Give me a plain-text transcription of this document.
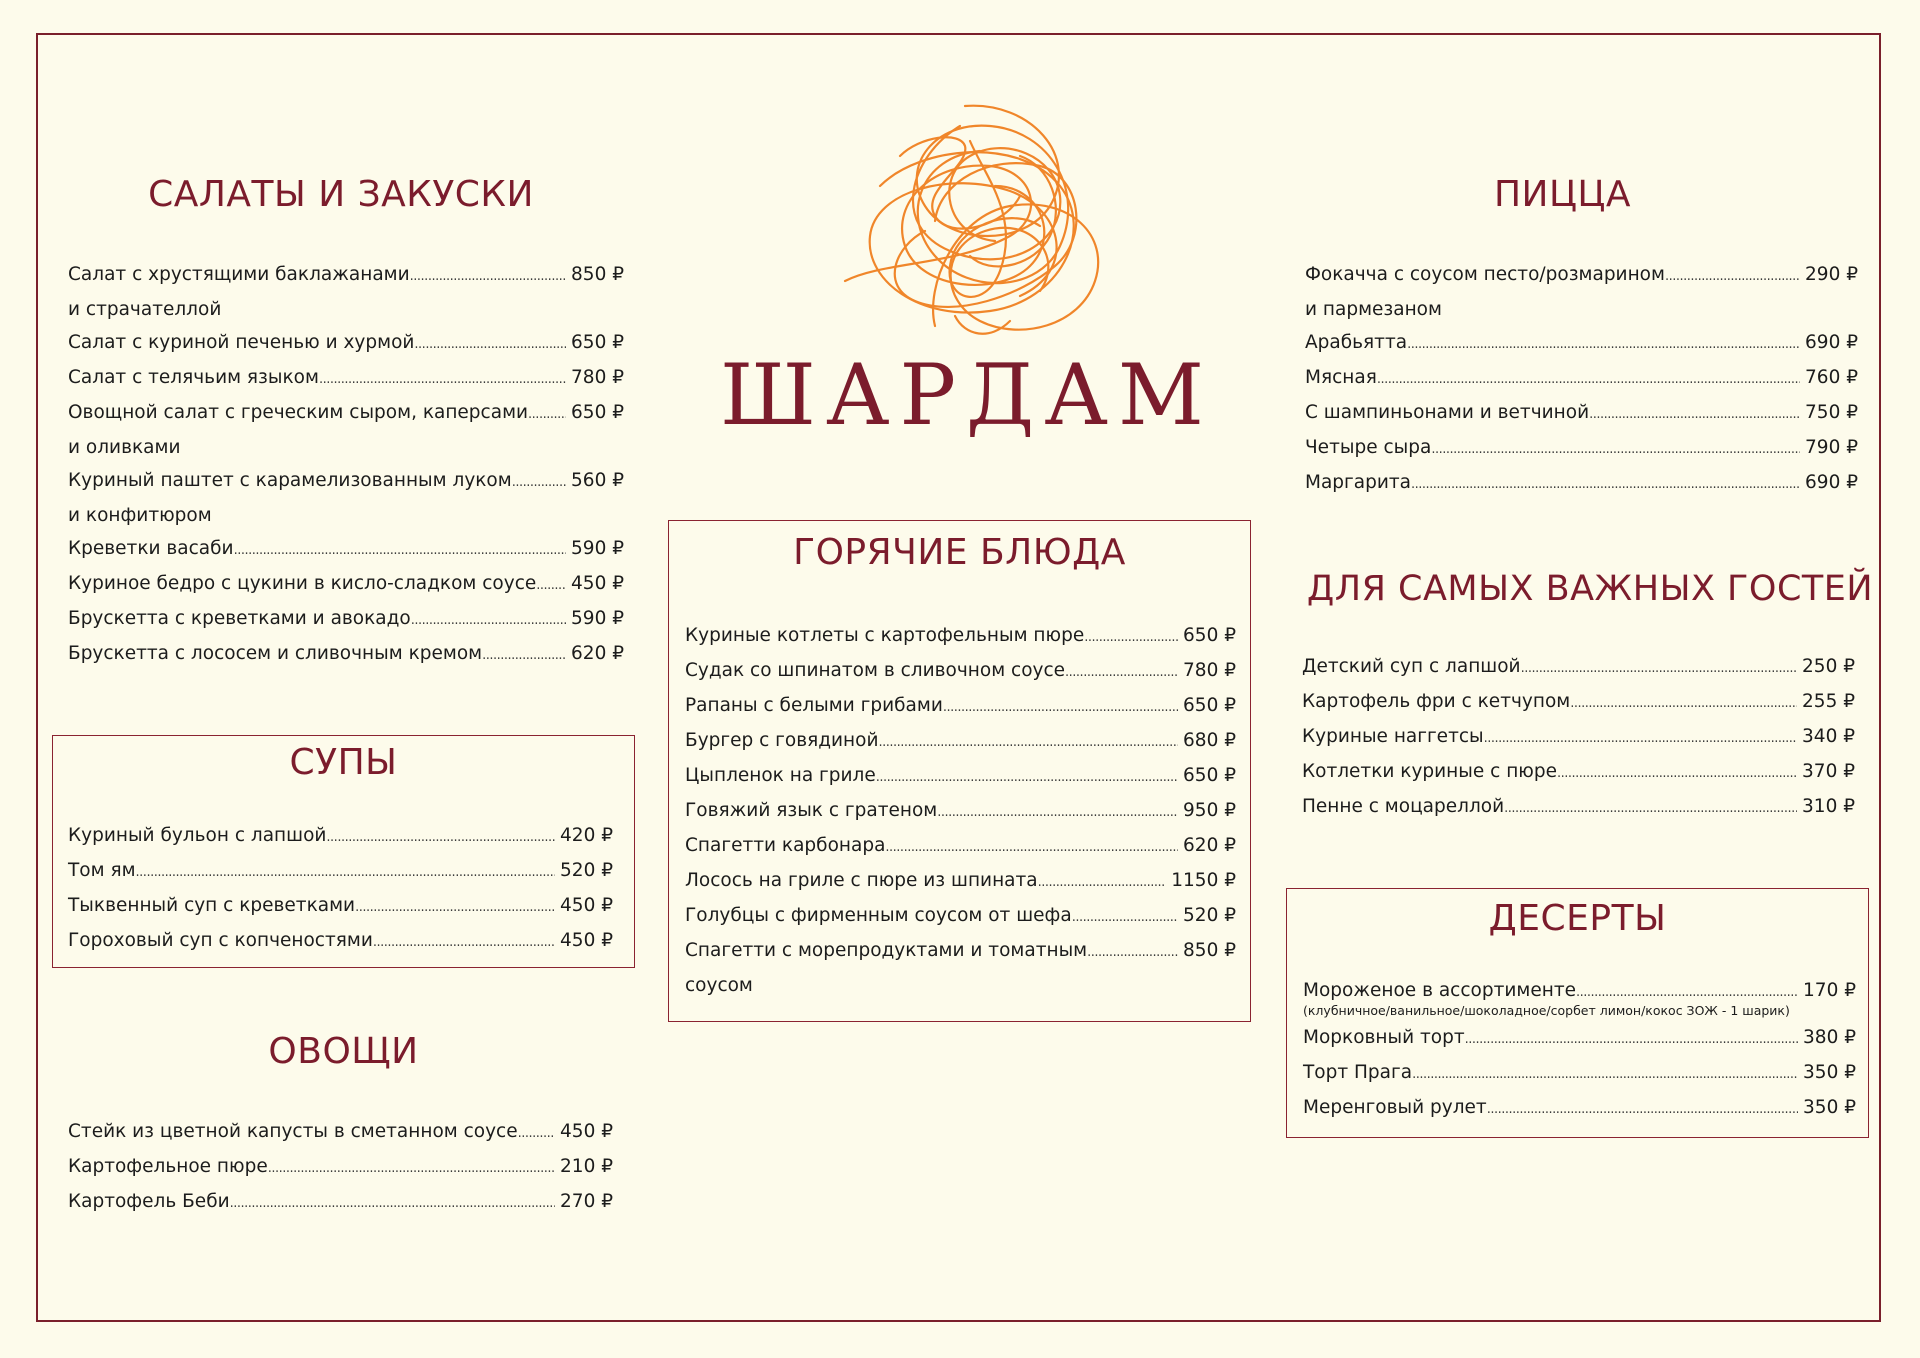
САЛАТЫ И ЗАКУСКИ
Салат с хрустящими баклажанами .....	850 ₽
и страчателлой
Салат с куриной печенью и хурмой .....	650 ₽
Салат с телячьим языком .....	780 ₽
Овощной салат с греческим сыром, каперсами ..... 650 ₽
и оливками
Куриный паштет с карамелизованным луком .....	560 ₽
и конфитюром
Креветки васаби .....	590 ₽
Куриное бедро с цукини в кисло-сладком соусе ..... 450 ₽
Брускетта с креветками и авокадо .....	590 ₽
Брускетта с лососем и сливочным кремом .....	620 ₽
СУПЫ
Куриный бульон с лапшой .....	420 ₽
Том ям .....	520 ₽
Тыквенный суп с креветками .....	450 ₽
Гороховый суп с копченостями .....	450 ₽
ОВОЩИ
Стейк из цветной капусты в сметанном соусе ..... 450 ₽
Картофельное пюре .....	210 ₽
Картофель Беби .....	270 ₽
ШАРДАМ
ГОРЯЧИЕ БЛЮДА
Куриные котлеты с картофельным пюре .....	650 ₽
Судак со шпинатом в сливочном соусе .....	780 ₽
Рапаны с белыми грибами .....	650 ₽
Бургер с говядиной .....	680 ₽
Цыпленок на гриле .....	650 ₽
Говяжий язык с гратеном .....	950 ₽
Спагетти карбонара .....	620 ₽
Лосось на гриле с пюре из шпината .....	1150 ₽
Голубцы с фирменным соусом от шефа .....	520 ₽
Спагетти с морепродуктами и томатным .....	850 ₽
соусом
ПИЦЦА
Фокачча с соусом песто/розмарином .....	290 ₽
и пармезаном
Арабьятта .....	690 ₽
Мясная .....	760 ₽
С шампиньонами и ветчиной .....	750 ₽
Четыре сыра .....	790 ₽
Маргарита .....	690 ₽
ДЛЯ САМЫХ ВАЖНЫХ ГОСТЕЙ
Детский суп с лапшой .....	250 ₽
Картофель фри с кетчупом .....	255 ₽
Куриные наггетсы .....	340 ₽
Котлетки куриные с пюре .....	370 ₽
Пенне с моцареллой .....	310 ₽
ДЕСЕРТЫ
Мороженое в ассортименте .....	170 ₽
(клубничное/ванильное/шоколадное/сорбет лимон/кокос ЗОЖ - 1 шарик)
Морковный торт .....	380 ₽
Торт Прага .....	350 ₽
Меренговый рулет .....	350 ₽
